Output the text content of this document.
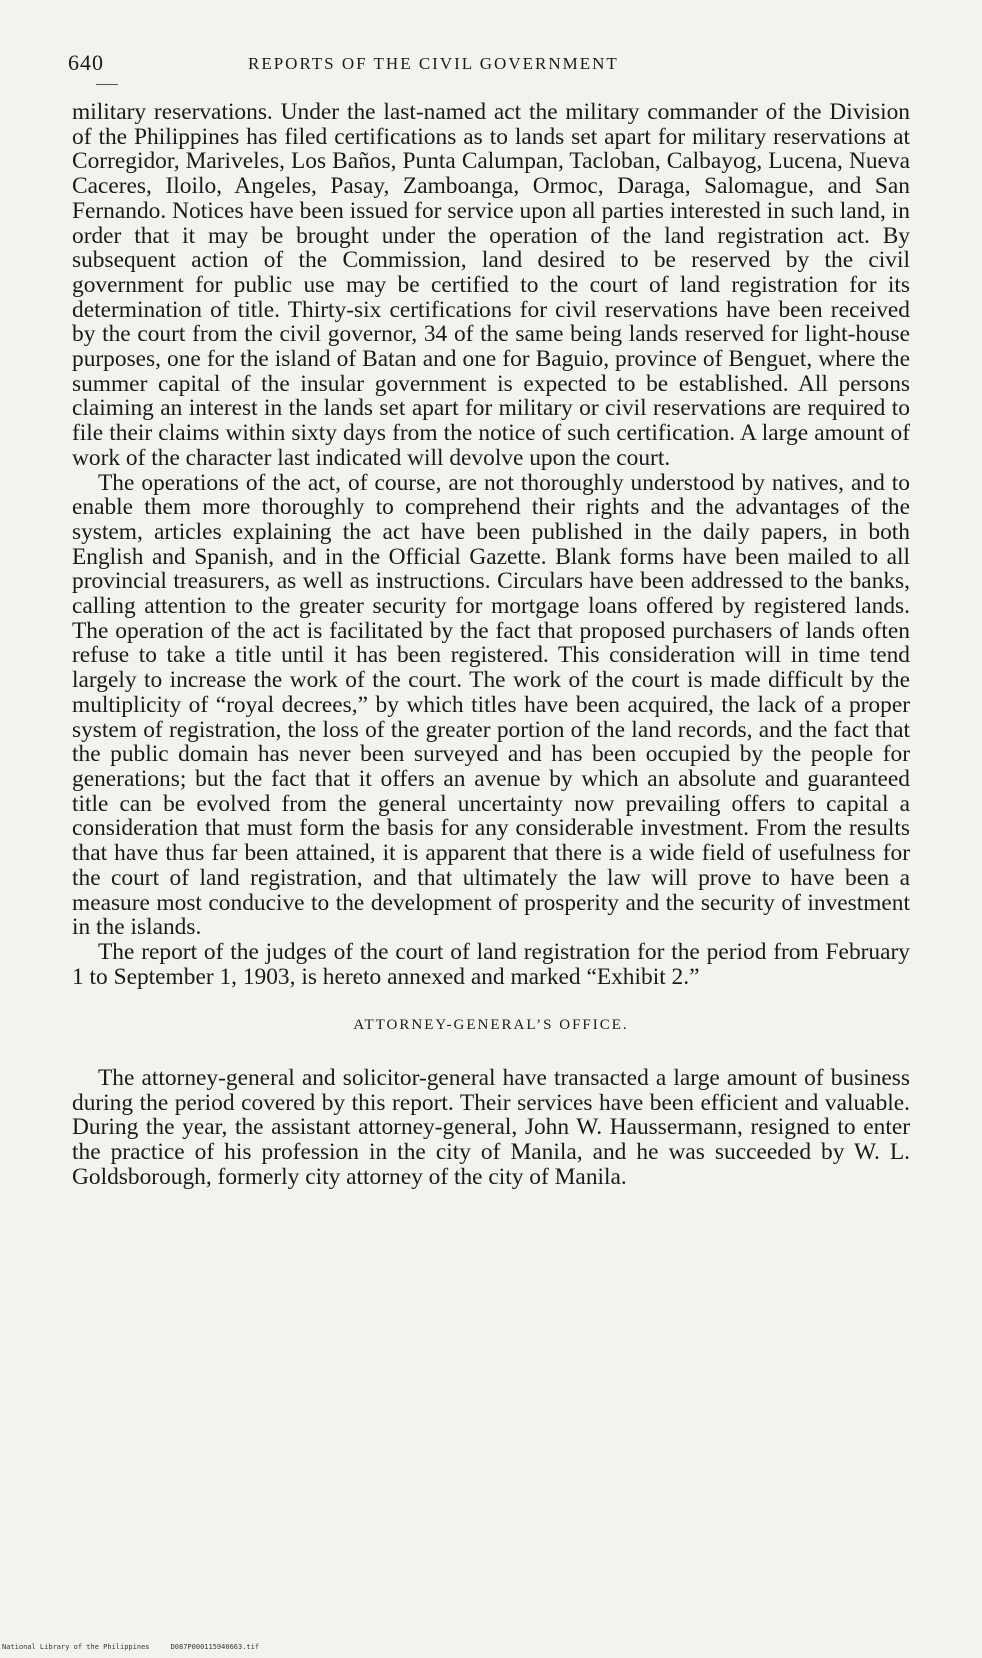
640	REPORTS OF THE CIVIL GOVERNMENT

military reservations. Under the last-named act the military commander of the Division of the Philippines has filed certifications as to lands set apart for military reservations at Corregidor, Mariveles, Los Baños, Punta Calumpan, Tacloban, Calbayog, Lucena, Nueva Caceres, Iloilo, Angeles, Pasay, Zamboanga, Ormoc, Daraga, Salomague, and San Fernando. Notices have been issued for service upon all parties interested in such land, in order that it may be brought under the operation of the land registration act. By subsequent action of the Commission, land desired to be reserved by the civil government for public use may be certified to the court of land registration for its determination of title. Thirty-six certifications for civil reservations have been received by the court from the civil governor, 34 of the same being lands reserved for light-house purposes, one for the island of Batan and one for Baguio, province of Benguet, where the summer capital of the insular government is expected to be established. All persons claiming an interest in the lands set apart for military or civil reservations are required to file their claims within sixty days from the notice of such certification. A large amount of work of the character last indicated will devolve upon the court.

The operations of the act, of course, are not thoroughly understood by natives, and to enable them more thoroughly to comprehend their rights and the advantages of the system, articles explaining the act have been published in the daily papers, in both English and Spanish, and in the Official Gazette. Blank forms have been mailed to all provincial treasurers, as well as instructions. Circulars have been addressed to the banks, calling attention to the greater security for mortgage loans offered by registered lands. The operation of the act is facilitated by the fact that proposed purchasers of lands often refuse to take a title until it has been registered. This consideration will in time tend largely to increase the work of the court. The work of the court is made difficult by the multiplicity of “royal decrees,” by which titles have been acquired, the lack of a proper system of registration, the loss of the greater portion of the land records, and the fact that the public domain has never been surveyed and has been occupied by the people for generations; but the fact that it offers an avenue by which an absolute and guaranteed title can be evolved from the general uncertainty now prevailing offers to capital a consideration that must form the basis for any considerable investment. From the results that have thus far been attained, it is apparent that there is a wide field of usefulness for the court of land registration, and that ultimately the law will prove to have been a measure most conducive to the development of prosperity and the security of investment in the islands.

The report of the judges of the court of land registration for the period from February 1 to September 1, 1903, is hereto annexed and marked “Exhibit 2.”

ATTORNEY-GENERAL’S OFFICE.

The attorney-general and solicitor-general have transacted a large amount of business during the period covered by this report. Their services have been efficient and valuable. During the year, the assistant attorney-general, John W. Haussermann, resigned to enter the practice of his profession in the city of Manila, and he was succeeded by W. L. Goldsborough, formerly city attorney of the city of Manila.

National Library of the Philippines     D087P000115940663.tif
